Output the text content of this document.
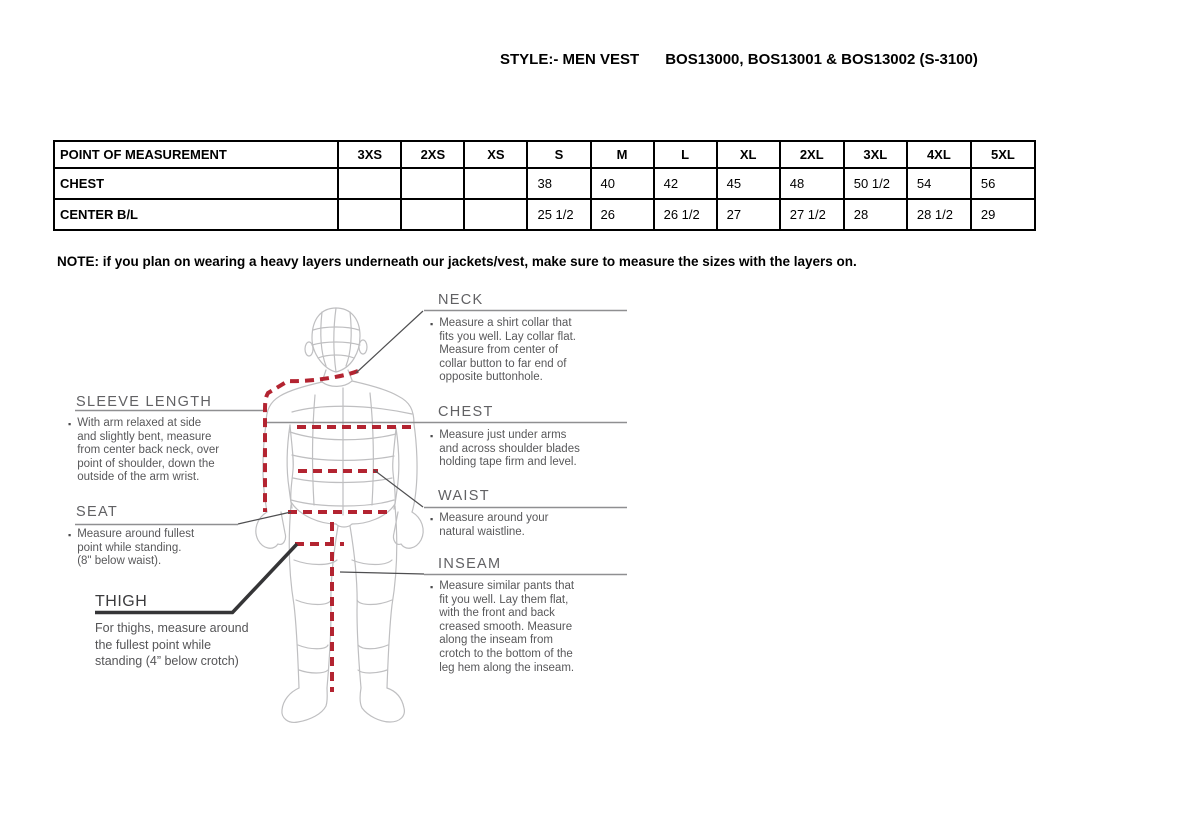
STYLE:- MEN VEST BOS13000, BOS13001 & BOS13002 (S-3100)
POINT OF MEASUREMENT	3XS	2XS	XS	S	M	L	XL	2XL	3XL	4XL	5XL
CHEST				38	40	42	45	48	50 1/2	54	56
CENTER B/L				25 1/2	26	26 1/2	27	27 1/2	28	28 1/2	29
NOTE: if you plan on wearing a heavy layers underneath our jackets/vest, make sure to measure the sizes with the layers on.
NECK
▪ Measure a shirt collar that
fits you well. Lay collar flat.
Measure from center of
collar button to far end of
opposite buttonhole.
CHEST
▪ Measure just under arms
and across shoulder blades
holding tape firm and level.
WAIST
▪ Measure around your
natural waistline.
INSEAM
▪ Measure similar pants that
fit you well. Lay them flat,
with the front and back
creased smooth. Measure
along the inseam from
crotch to the bottom of the
leg hem along the inseam.
SLEEVE LENGTH
▪ With arm relaxed at side
and slightly bent, measure
from center back neck, over
point of shoulder, down the
outside of the arm wrist.
SEAT
▪ Measure around fullest
point while standing.
(8" below waist).
THIGH
For thighs, measure around
the fullest point while
standing (4” below crotch)
